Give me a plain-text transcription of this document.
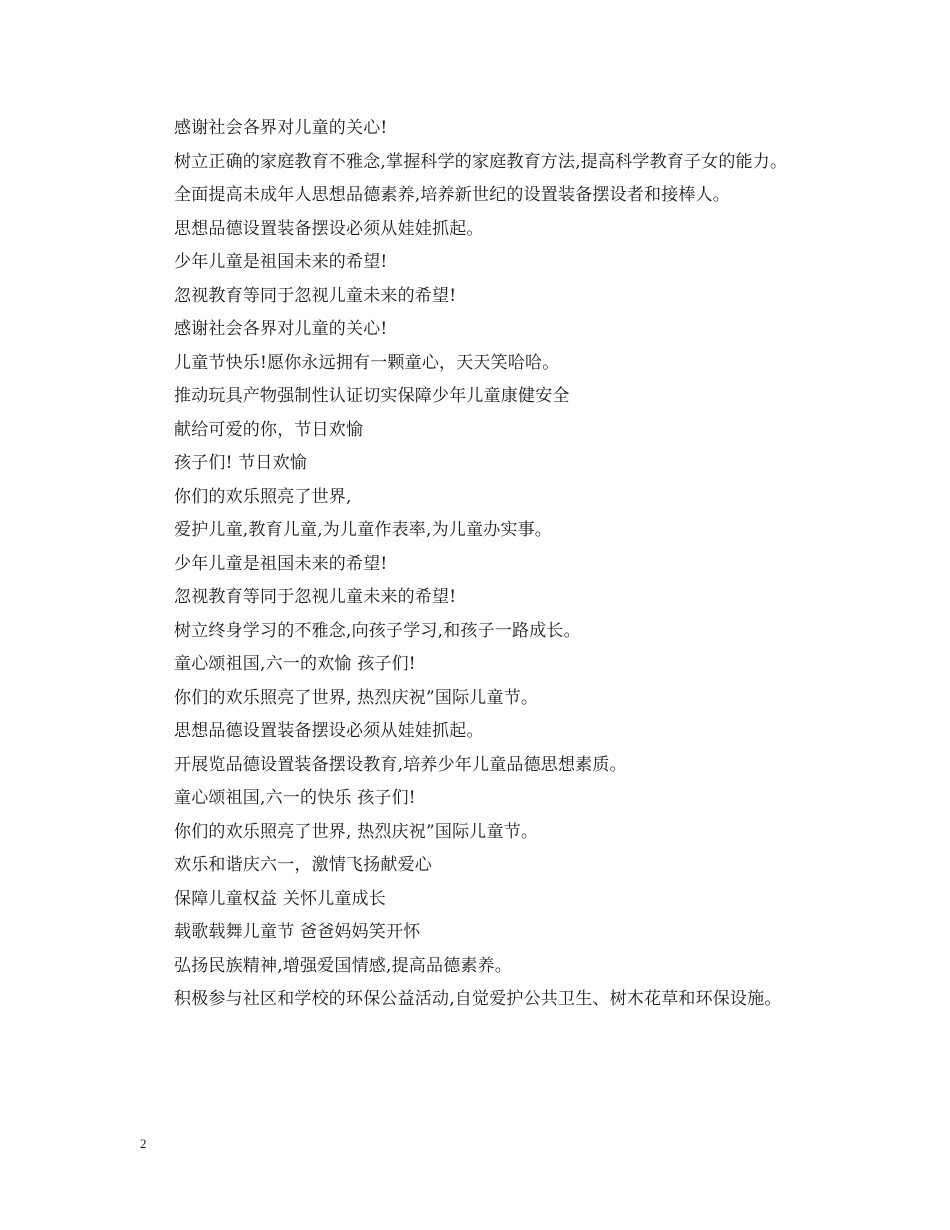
感谢社会各界对儿童的关心!

树立正确的家庭教育不雅念,掌握科学的家庭教育方法,提高科学教育子女的能力。

全面提高未成年人思想品德素养,培养新世纪的设置装备摆设者和接棒人。

思想品德设置装备摆设必须从娃娃抓起。

少年儿童是祖国未来的希望!

忽视教育等同于忽视儿童未来的希望!

感谢社会各界对儿童的关心!

儿童节快乐!愿你永远拥有一颗童心，天天笑哈哈。

推动玩具产物强制性认证切实保障少年儿童康健安全

献给可爱的你，节日欢愉

孩子们! 节日欢愉

你们的欢乐照亮了世界,

爱护儿童,教育儿童,为儿童作表率,为儿童办实事。

少年儿童是祖国未来的希望!

忽视教育等同于忽视儿童未来的希望!

树立终身学习的不雅念,向孩子学习,和孩子一路成长。

童心颂祖国,六一的欢愉 孩子们!

你们的欢乐照亮了世界, 热烈庆祝”国际儿童节。

思想品德设置装备摆设必须从娃娃抓起。

开展览品德设置装备摆设教育,培养少年儿童品德思想素质。

童心颂祖国,六一的快乐 孩子们!

你们的欢乐照亮了世界, 热烈庆祝”国际儿童节。

欢乐和谐庆六一，激情飞扬献爱心

保障儿童权益 关怀儿童成长

载歌载舞儿童节 爸爸妈妈笑开怀

弘扬民族精神,增强爱国情感,提高品德素养。

积极参与社区和学校的环保公益活动,自觉爱护公共卫生、树木花草和环保设施。

2
